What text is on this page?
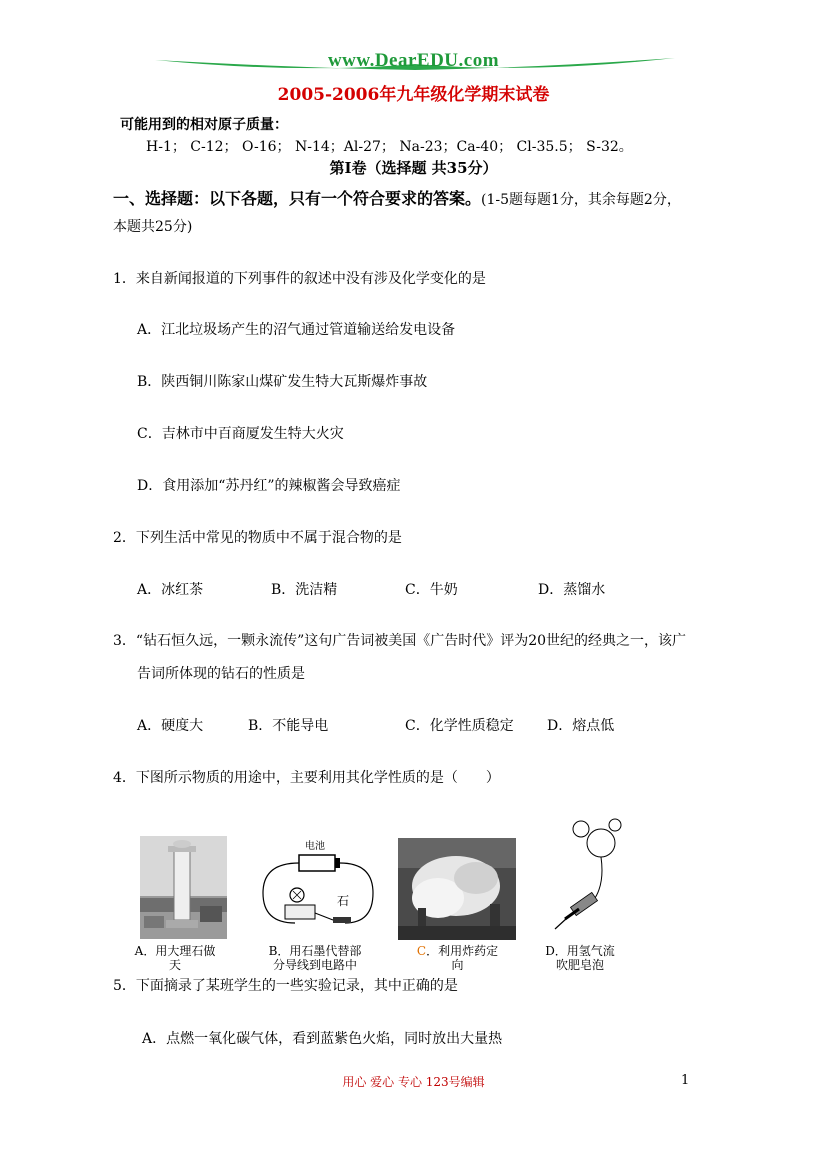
www.DearEDU.com
2005-2006年九年级化学期末试卷
可能用到的相对原子质量：
H-1； C-12； O-16； N-14；Al-27； Na-23；Ca-40； Cl-35.5； S-32。
第Ⅰ卷（选择题 共35分）
一、选择题：以下各题，只有一个符合要求的答案。(1-5题每题1分，其余每题2分，
本题共25分)
1．来自新闻报道的下列事件的叙述中没有涉及化学变化的是
A．江北垃圾场产生的沼气通过管道输送给发电设备
B．陕西铜川陈家山煤矿发生特大瓦斯爆炸事故
C．吉林市中百商厦发生特大火灾
D．食用添加“苏丹红”的辣椒酱会导致癌症
2．下列生活中常见的物质中不属于混合物的是
A．冰红茶	B．洗洁精	C．牛奶	D．蒸馏水
3．“钻石恒久远，一颗永流传”这句广告词被美国《广告时代》评为20世纪的经典之一，该广
告词所体现的钻石的性质是
A．硬度大	B．不能导电	C．化学性质稳定 D．熔点低
4．下图所示物质的用途中，主要利用其化学性质的是（　　）
A．用大理石做
天
电池
石
B．用石墨代替部
分导线到电路中
C．利用炸药定
向
D．用氢气流
吹肥皂泡
5．下面摘录了某班学生的一些实验记录，其中正确的是
A．点燃一氧化碳气体，看到蓝紫色火焰，同时放出大量热
用心 爱心 专心 123号编辑	1
